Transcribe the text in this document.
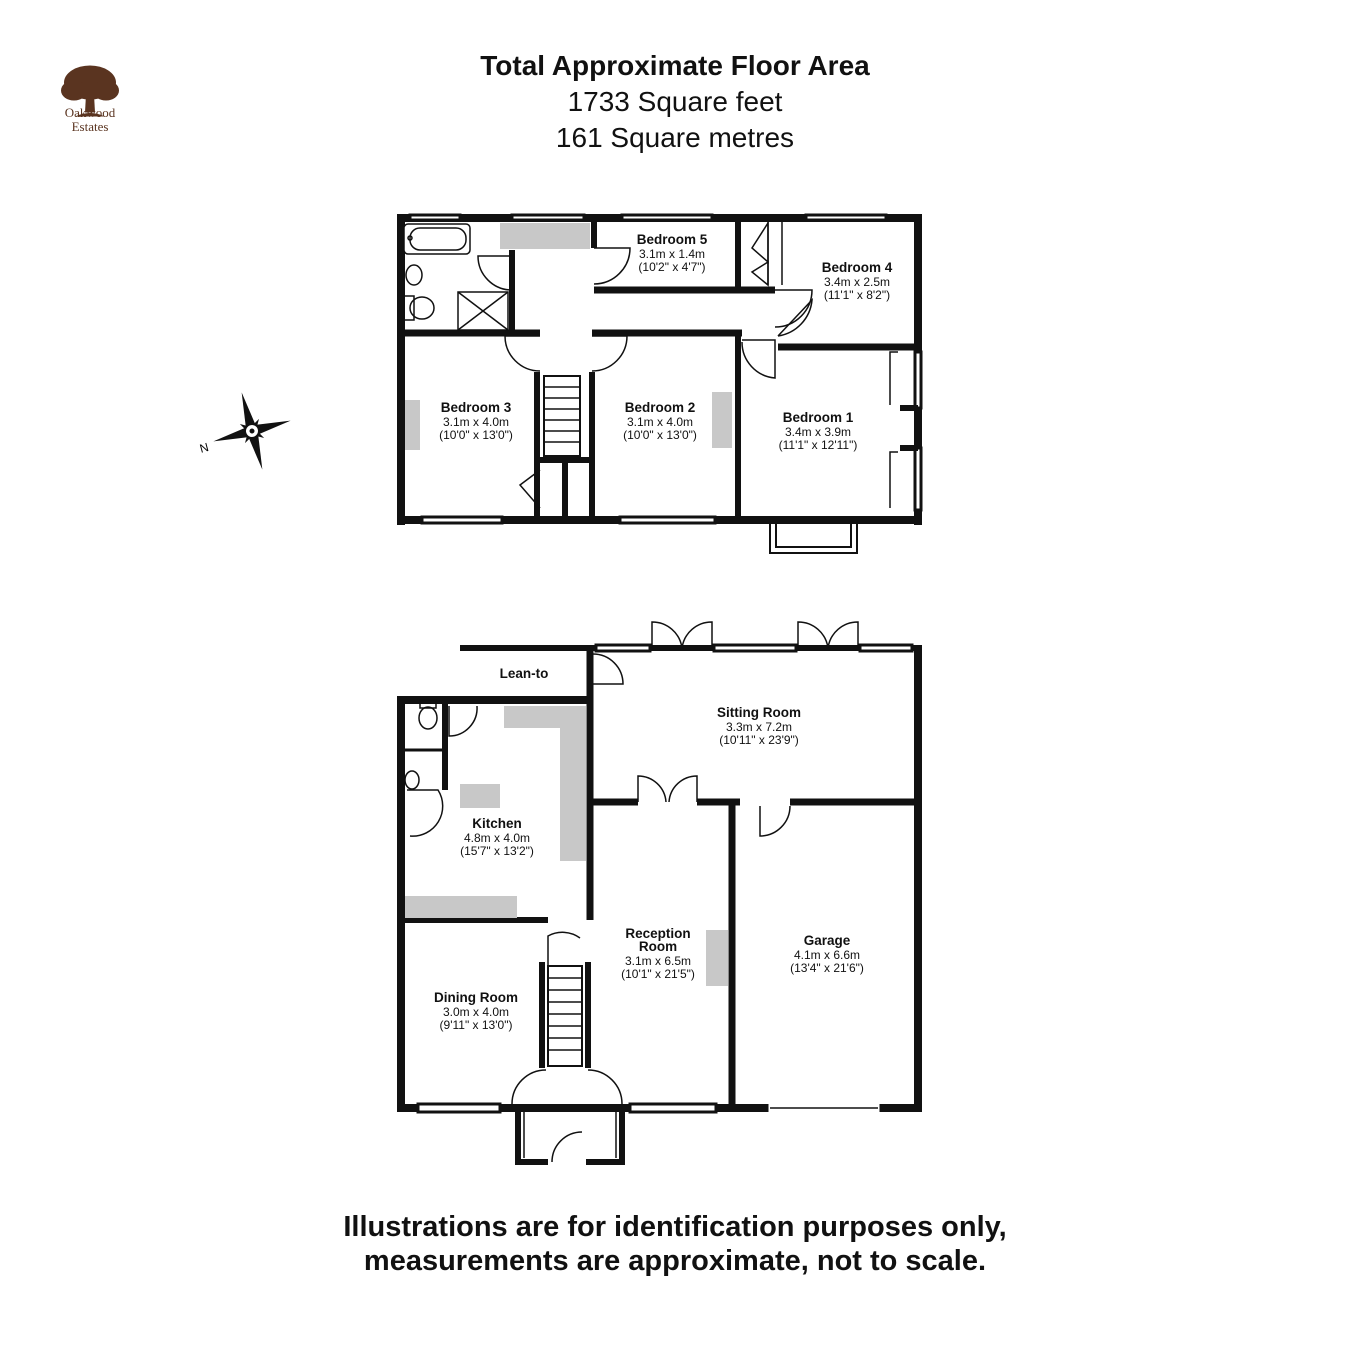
Oakwood
Estates
Total Approximate Floor Area
1733 Square feet
161 Square metres
N
Bedroom 5
3.1m x 1.4m
(10'2" x 4'7")	Bedroom 4
3.4m x 2.5m
(11'1" x 8'2")
Bedroom 3
3.1m x 4.0m
(10'0" x 13'0")
Bedroom 2
3.1m x 4.0m
(10'0" x 13'0")
Bedroom 1
3.4m x 3.9m
(11'1" x 12'11")
Lean-to
Sitting Room
3.3m x 7.2m
(10'11" x 23'9")
Kitchen
4.8m x 4.0m
(15'7" x 13'2")
Reception
Room
3.1m x 6.5m
(10'1" x 21'5")
Garage
4.1m x 6.6m
(13'4" x 21'6")
Dining Room
3.0m x 4.0m
(9'11" x 13'0")
Illustrations are for identification purposes only,
measurements are approximate, not to scale.
